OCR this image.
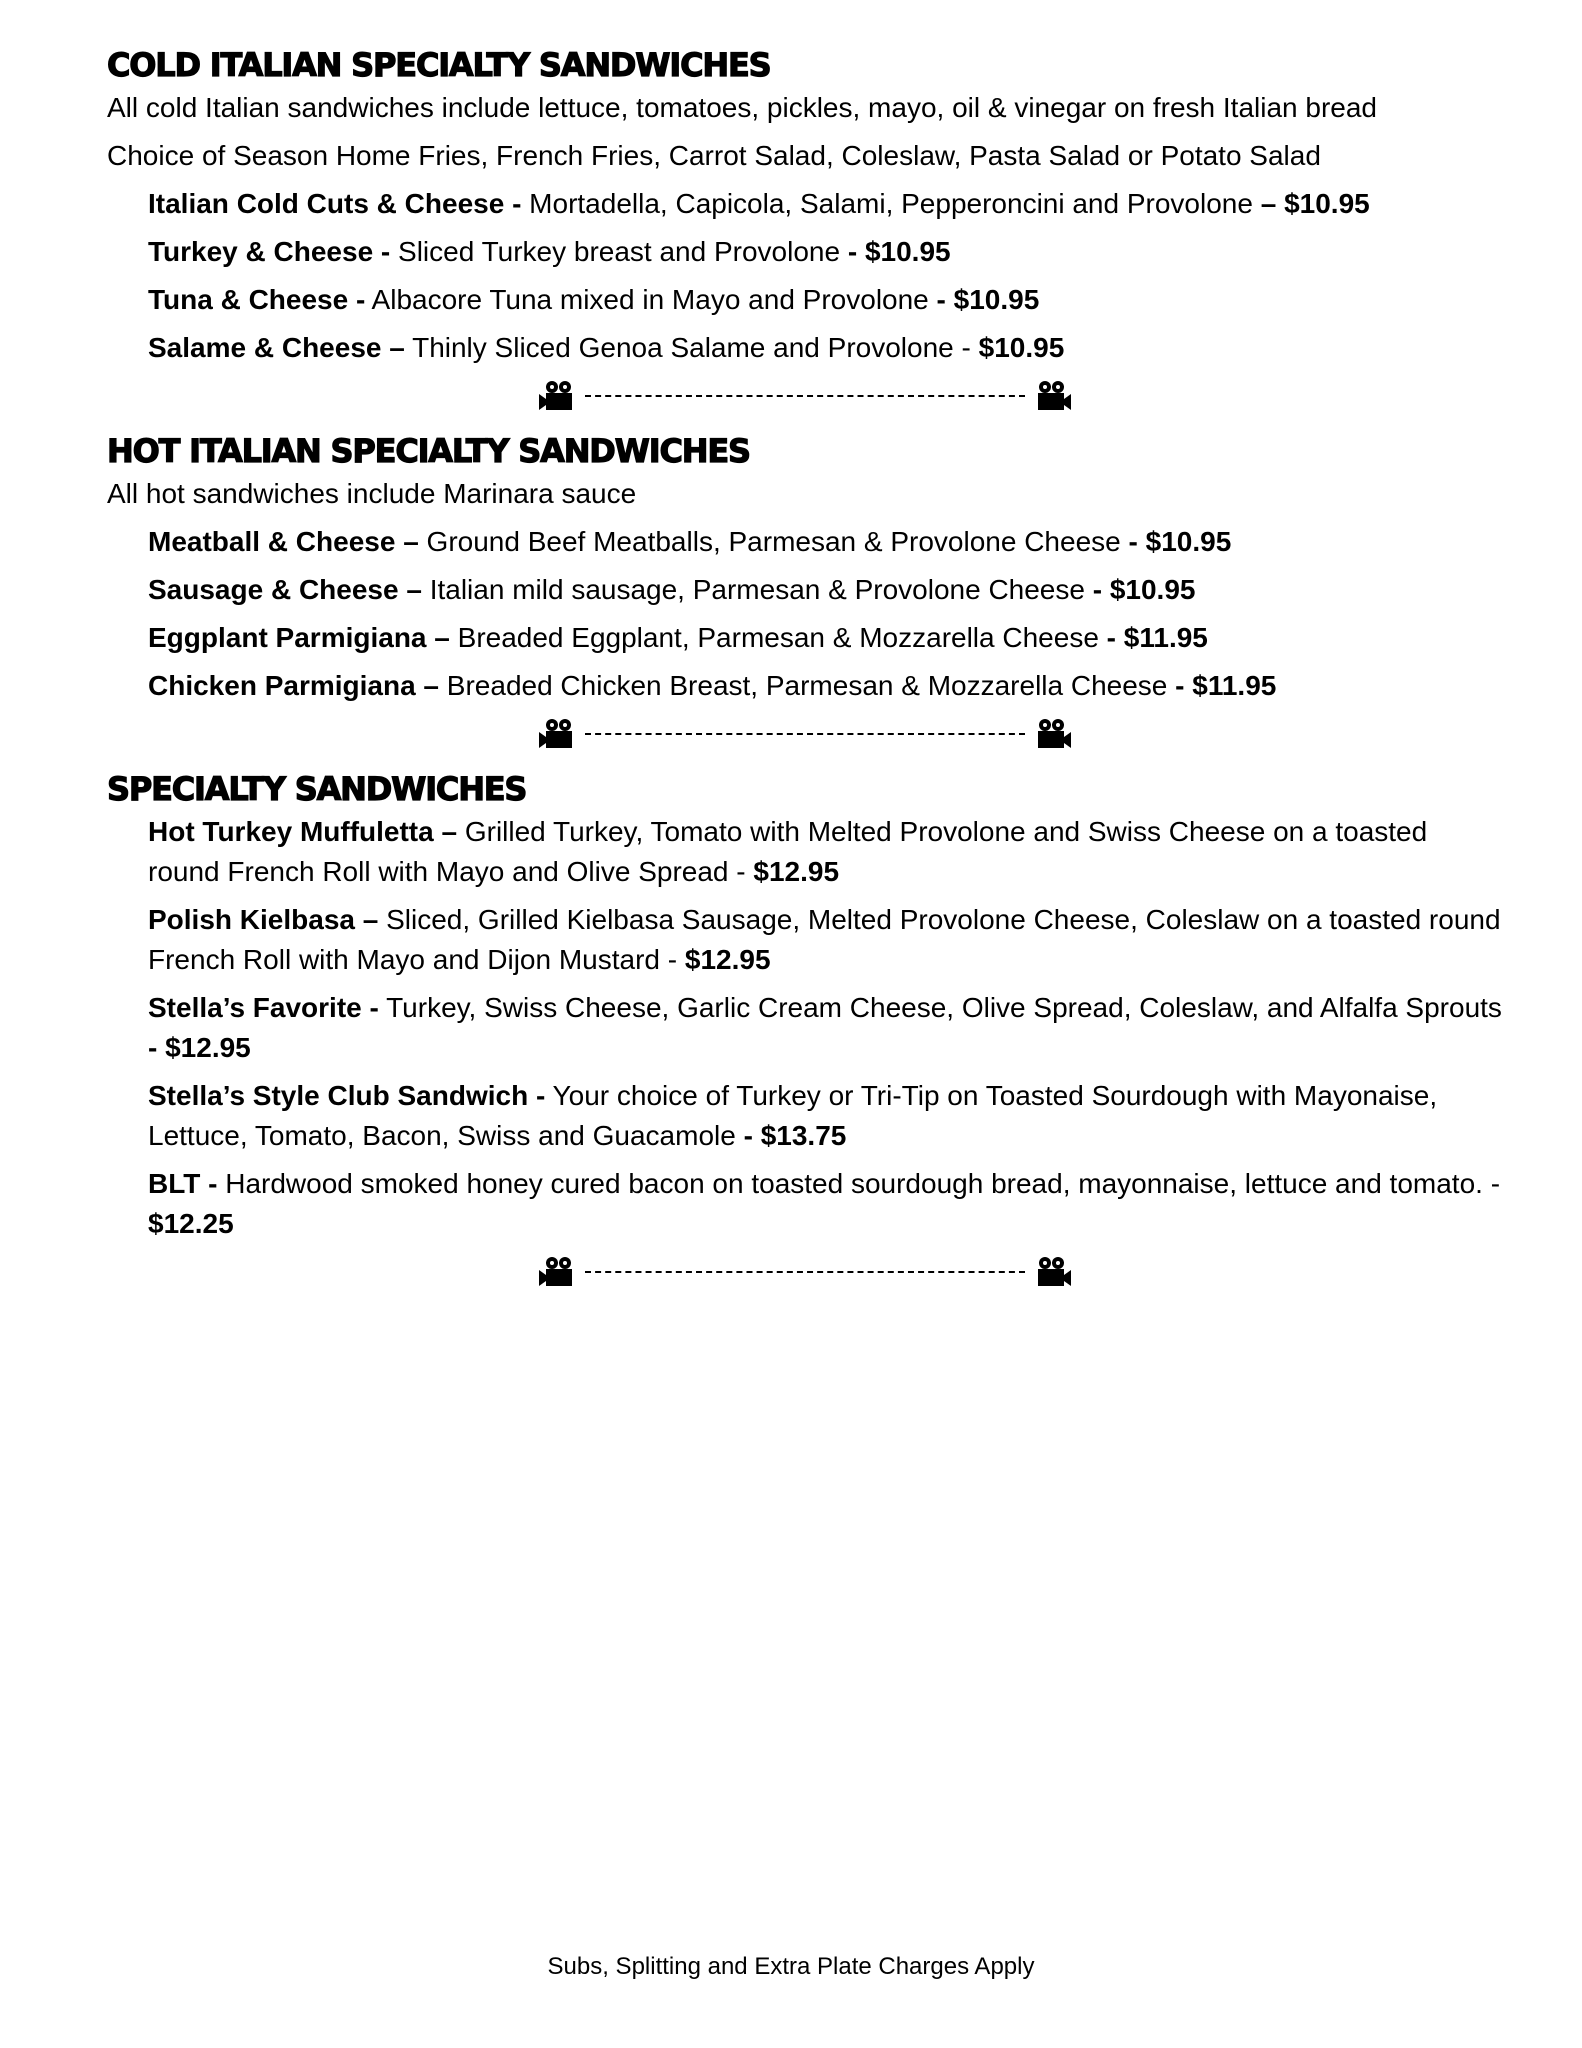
COLD ITALIAN SPECIALTY SANDWICHES
All cold Italian sandwiches include lettuce, tomatoes, pickles, mayo, oil & vinegar on fresh Italian bread
Choice of Season Home Fries, French Fries, Carrot Salad, Coleslaw, Pasta Salad or Potato Salad
Italian Cold Cuts & Cheese - Mortadella, Capicola, Salami, Pepperoncini and Provolone – $10.95
Turkey & Cheese - Sliced Turkey breast and Provolone - $10.95
Tuna & Cheese - Albacore Tuna mixed in Mayo and Provolone - $10.95
Salame & Cheese – Thinly Sliced Genoa Salame and Provolone - $10.95
HOT ITALIAN SPECIALTY SANDWICHES
All hot sandwiches include Marinara sauce
Meatball & Cheese – Ground Beef Meatballs, Parmesan & Provolone Cheese - $10.95
Sausage & Cheese – Italian mild sausage, Parmesan & Provolone Cheese - $10.95
Eggplant Parmigiana – Breaded Eggplant, Parmesan & Mozzarella Cheese - $11.95
Chicken Parmigiana – Breaded Chicken Breast, Parmesan & Mozzarella Cheese - $11.95
SPECIALTY SANDWICHES
Hot Turkey Muffuletta – Grilled Turkey, Tomato with Melted Provolone and Swiss Cheese on a toasted round French Roll with Mayo and Olive Spread - $12.95
Polish Kielbasa – Sliced, Grilled Kielbasa Sausage, Melted Provolone Cheese, Coleslaw on a toasted round French Roll with Mayo and Dijon Mustard - $12.95
Stella’s Favorite - Turkey, Swiss Cheese, Garlic Cream Cheese, Olive Spread, Coleslaw, and Alfalfa Sprouts - $12.95
Stella’s Style Club Sandwich - Your choice of Turkey or Tri-Tip on Toasted Sourdough with Mayonaise, Lettuce, Tomato, Bacon, Swiss and Guacamole - $13.75
BLT - Hardwood smoked honey cured bacon on toasted sourdough bread, mayonnaise, lettuce and tomato. - $12.25
Subs, Splitting and Extra Plate Charges Apply
